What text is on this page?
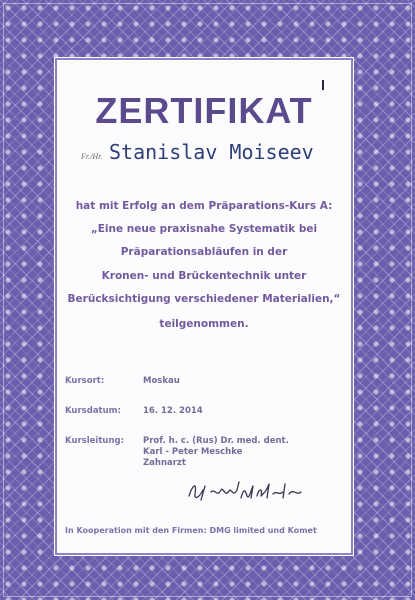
ZERTIFIKAT
Fr./Hr. Stanislav Moiseev
hat mit Erfolg an dem Präparations-Kurs A:
„Eine neue praxisnahe Systematik bei
Präparationsabläufen in der
Kronen- und Brückentechnik unter
Berücksichtigung verschiedener Materialien,“
teilgenommen.
Kursort:	Moskau
Kursdatum:	16. 12. 2014
Kursleitung:	Prof. h. c. (Rus) Dr. med. dent.
Karl - Peter Meschke
Zahnarzt
In Kooperation mit den Firmen: DMG limited und Komet
